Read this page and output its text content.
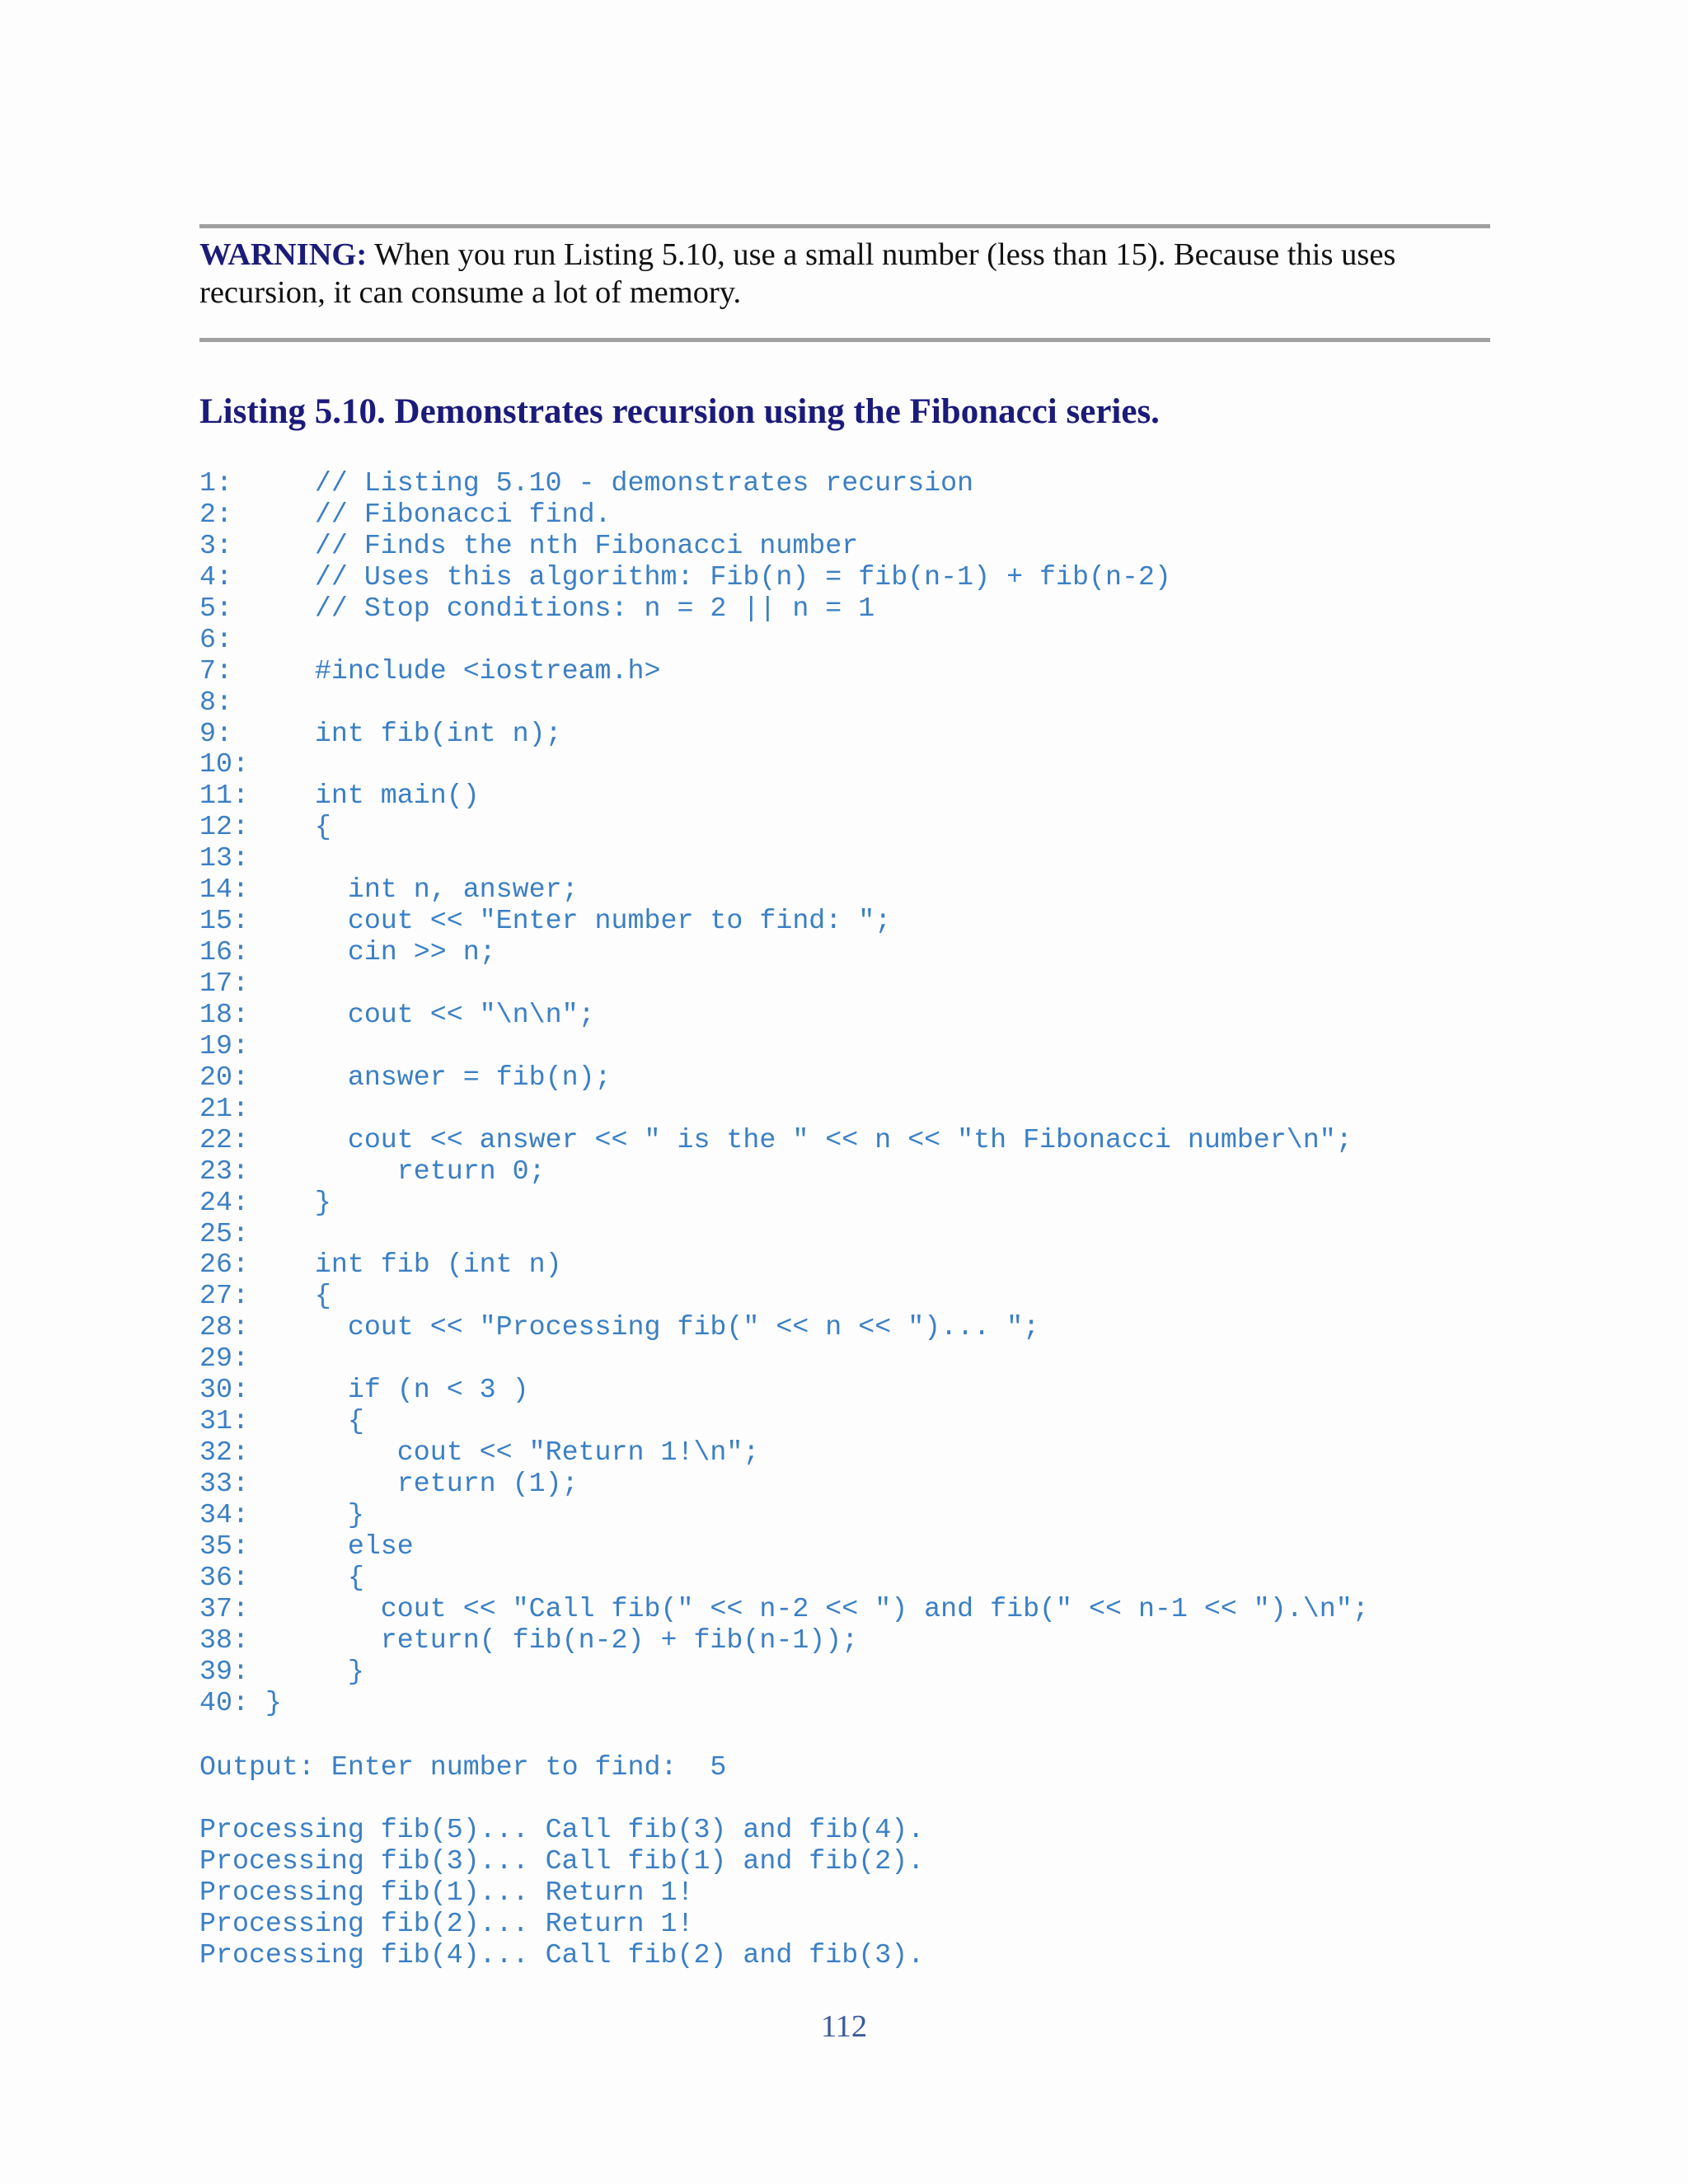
WARNING: When you run Listing 5.10, use a small number (less than 15). Because this uses recursion, it can consume a lot of memory.
Listing 5.10. Demonstrates recursion using the Fibonacci series.
1:     // Listing 5.10 - demonstrates recursion
2:     // Fibonacci find.
3:     // Finds the nth Fibonacci number
4:     // Uses this algorithm: Fib(n) = fib(n-1) + fib(n-2)
5:     // Stop conditions: n = 2 || n = 1
6:
7:     #include <iostream.h>
8:
9:     int fib(int n);
10:
11:    int main()
12:    {
13:
14:      int n, answer;
15:      cout << "Enter number to find: ";
16:      cin >> n;
17:
18:      cout << "\n\n";
19:
20:      answer = fib(n);
21:
22:      cout << answer << " is the " << n << "th Fibonacci number\n";
23:         return 0;
24:    }
25:
26:    int fib (int n)
27:    {
28:      cout << "Processing fib(" << n << ")... ";
29:
30:      if (n < 3 )
31:      {
32:         cout << "Return 1!\n";
33:         return (1);
34:      }
35:      else
36:      {
37:        cout << "Call fib(" << n-2 << ") and fib(" << n-1 << ").\n";
38:        return( fib(n-2) + fib(n-1));
39:      }
40: }
Output: Enter number to find:  5
Processing fib(5)... Call fib(3) and fib(4).
Processing fib(3)... Call fib(1) and fib(2).
Processing fib(1)... Return 1!
Processing fib(2)... Return 1!
Processing fib(4)... Call fib(2) and fib(3).
112
